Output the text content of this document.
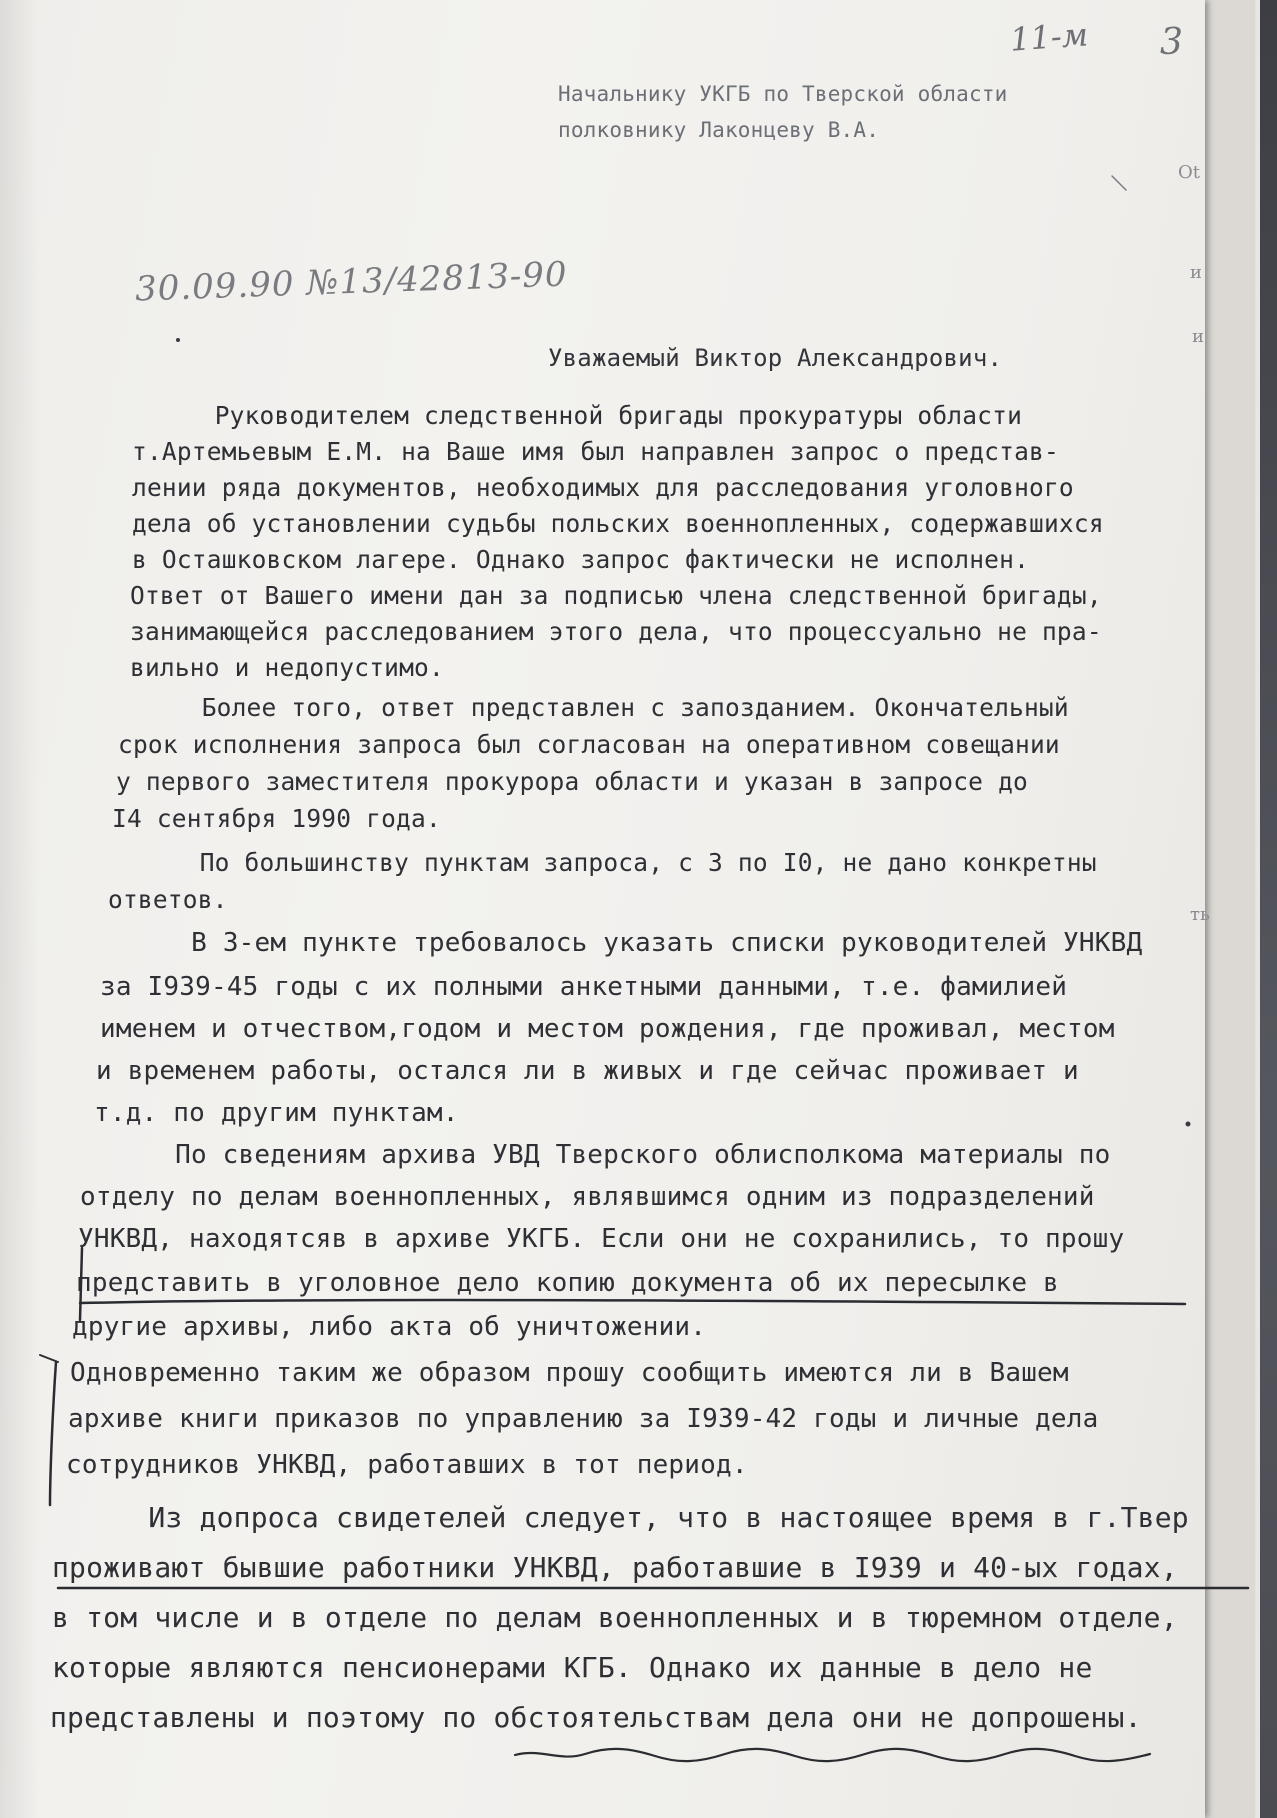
11-м 3
Начальнику УКГБ по Тверской области
полковнику Лаконцеву В.А.
30.09.90 №13/4281З-90
Уважаемый Виктор Александрович.
Руководителем следственной бригады прокуратуры области
т.Артемьевым Е.М. на Ваше имя был направлен запрос о представ-
лении ряда документов, необходимых для расследования уголовного
дела об установлении судьбы польских военнопленных, содержавшихся
в Осташковском лагере. Однако запрос фактически не исполнен.
Ответ от Вашего имени дан за подписью члена следственной бригады,
занимающейся расследованием этого дела, что процессуально не пра-
вильно и недопустимо.
Более того, ответ представлен с запозданием. Окончательный
срок исполнения запроса был согласован на оперативном совещании
у первого заместителя прокурора области и указан в запросе до
I4 сентября 1990 года.
По большинству пунктам запроса, с 3 по I0, не дано конкретны
ответов.
В 3-ем пункте требовалось указать списки руководителей УНКВД
за I939-45 годы с их полными анкетными данными, т.е. фамилией
именем и отчеством,годом и местом рождения, где проживал, местом
и временем работы, остался ли в живых и где сейчас проживает и
т.д. по другим пунктам.
По сведениям архива УВД Тверского облисполкома материалы по
отделу по делам военнопленных, являвшимся одним из подразделений
УНКВД, находятсяв в архиве УКГБ. Если они не сохранились, то прошу
представить в уголовное дело копию документа об их пересылке в
другие архивы, либо акта об уничтожении.
Одновременно таким же образом прошу сообщить имеются ли в Вашем
архиве книги приказов по управлению за I939-42 годы и личные дела
сотрудников УНКВД, работавших в тот период.
Из допроса свидетелей следует, что в настоящее время в г.Твер
проживают бывшие работники УНКВД, работавшие в I939 и 40-ых годах,
в том числе и в отделе по делам военнопленных и в тюремном отделе,
которые являются пенсионерами КГБ. Однако их данные в дело не
представлены и поэтому по обстоятельствам дела они не допрошены.
Ot
и
и
ть
